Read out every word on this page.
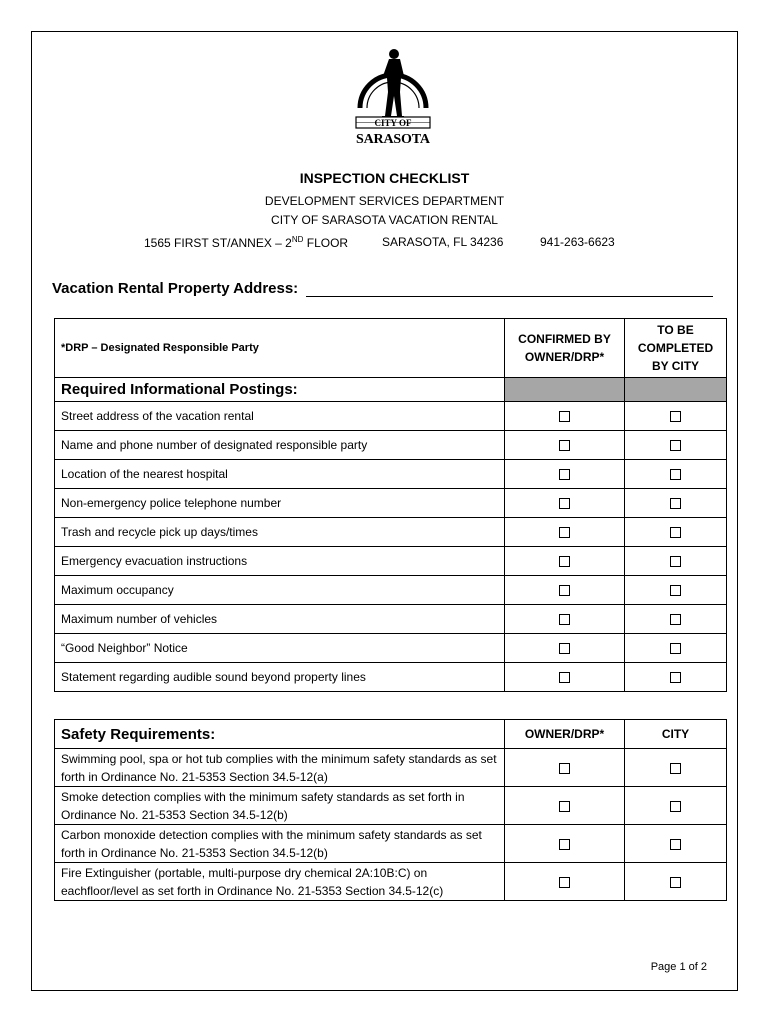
CITY OF
SARASOTA
INSPECTION CHECKLIST
DEVELOPMENT SERVICES DEPARTMENT
CITY OF SARASOTA VACATION RENTAL
1565 FIRST ST/ANNEX – 2ND FLOOR	SARASOTA, FL 34236	941-263-6623
Vacation Rental Property Address:
*DRP – Designated Responsible Party	CONFIRMED BY OWNER/DRP*	TO BE COMPLETED BY CITY
Required Informational Postings:		
Street address of the vacation rental		
Name and phone number of designated responsible party		
Location of the nearest hospital		
Non-emergency police telephone number		
Trash and recycle pick up days/times		
Emergency evacuation instructions		
Maximum occupancy		
Maximum number of vehicles		
“Good Neighbor” Notice		
Statement regarding audible sound beyond property lines		
Safety Requirements:	OWNER/DRP*	CITY
Swimming pool, spa or hot tub complies with the minimum safety standards as set forth in Ordinance No. 21-5353 Section 34.5-12(a)		
Smoke detection complies with the minimum safety standards as set forth in Ordinance No. 21-5353 Section 34.5-12(b)		
Carbon monoxide detection complies with the minimum safety standards as set forth in Ordinance No. 21-5353 Section 34.5-12(b)		
Fire Extinguisher (portable, multi-purpose dry chemical 2A:10B:C) on eachfloor/level as set forth in Ordinance No. 21-5353 Section 34.5-12(c)		
Page 1 of 2
